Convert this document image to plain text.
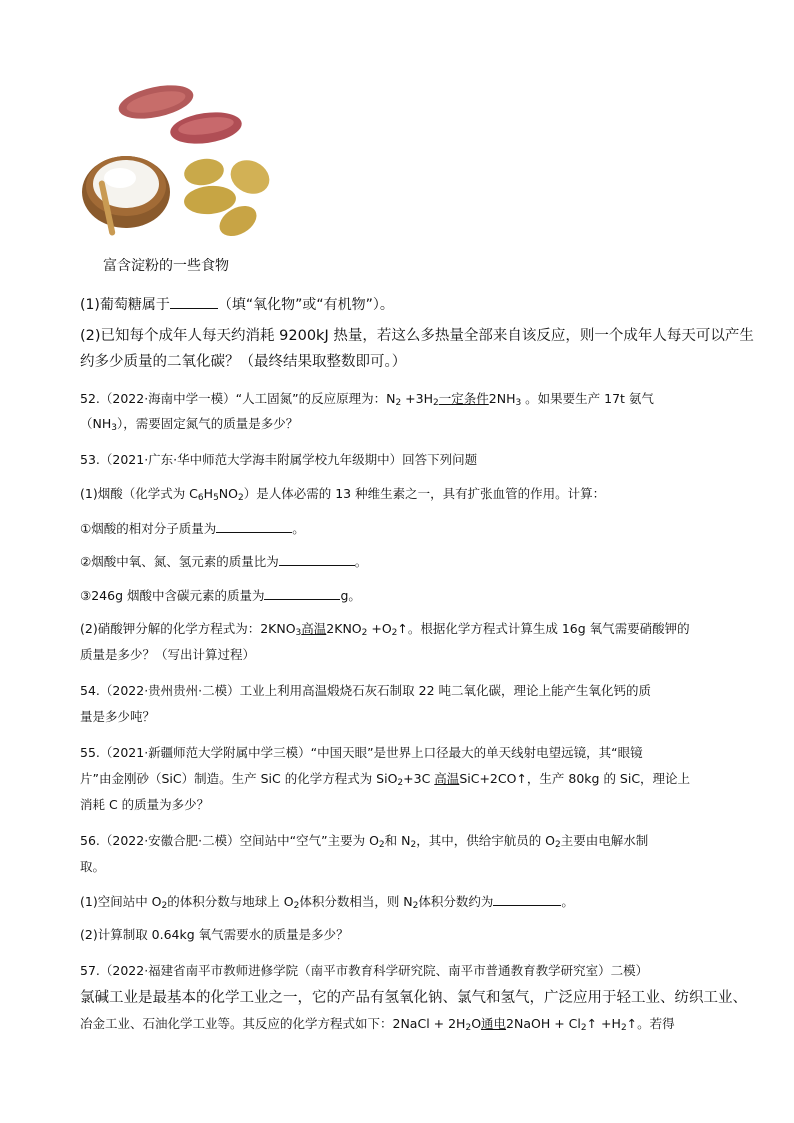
富含淀粉的一些食物
(1)葡萄糖属于	（填“氧化物”或“有机物”）。
(2)已知每个成年人每天约消耗 9200kJ 热量，若这么多热量全部来自该反应，则一个成年人每天可以产生
约多少质量的二氧化碳？（最终结果取整数即可。）
52.（2022·海南中学一模）“人工固氮”的反应原理为：$N_2 +3H_2$一定条件$2NH_3$ 。如果要生产 17t 氨气
$(NH_3)$，需要固定氮气的质量是多少？
53.（2021·广东·华中师范大学海丰附属学校九年级期中）回答下列问题
(1)烟酸（化学式为 $C_6H_5NO_2$）是人体必需的 13 种维生素之一，具有扩张血管的作用。计算：
①烟酸的相对分子质量为	。
②烟酸中氧、氮、氢元素的质量比为	。
③246g 烟酸中含碳元素的质量为	g。
(2)硝酸钾分解的化学方程式为：$2KNO_3$高温$2KNO_2$ $+O_2↑$。根据化学方程式计算生成 16g 氧气需要硝酸钾的
质量是多少？（写出计算过程）
54.（2022·贵州贵州·二模）工业上利用高温煅烧石灰石制取 22 吨二氧化碳，理论上能产生氧化钙的质
量是多少吨？
55.（2021·新疆师范大学附属中学三模）“中国天眼”是世界上口径最大的单天线射电望远镜，其“眼镜
片”由金刚砂（SiC）制造。生产 SiC 的化学方程式为 SiO$_2$+3C 高温SiC+2CO↑，生产 80kg 的 SiC，理论上
消耗 C 的质量为多少？
56.（2022·安徽合肥·二模）空间站中“空气”主要为 $O_2$和 $N_2$，其中，供给宇航员的 $O_2$主要由电解水制
取。
(1)空间站中 $O_2$的体积分数与地球上 $O_2$体积分数相当，则 $N_2$体积分数约为	。
(2)计算制取 0.64kg 氧气需要水的质量是多少？
57.（2022·福建省南平市教师进修学院（南平市教育科学研究院、南平市普通教育教学研究室）二模）
氯碱工业是最基本的化学工业之一，它的产品有氢氧化钠、氯气和氢气，广泛应用于轻工业、纺织工业、
冶金工业、石油化学工业等。其反应的化学方程式如下：2NaCl + $2H_2O$通电2NaOH + $Cl_2↑$ $+H_2↑$。若得
